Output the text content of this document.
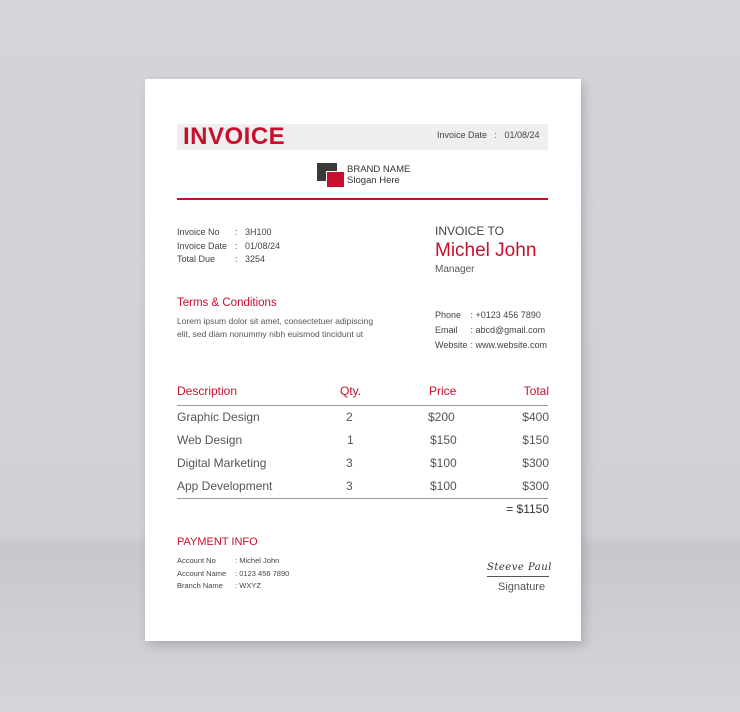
INVOICE	Invoice Date   :   01/08/24
BRAND NAME
Slogan Here
Invoice No : 3H100
Invoice Date : 01/08/24
Total Due : 3254
INVOICE TO
Michel John
Manager
Terms & Conditions
Lorem ipsum dolor sit amet, consectetuer adipiscing elit, sed diam nonummy nibh euismod tincidunt ut
Phone : +0123 456 7890
Email : abcd@gmail.com
Website : www.website.com
Description	Qty.	Price	Total
Graphic Design	2	$200	$400
Web Design	1	$150	$150
Digital Marketing	3	$100	$300
App Development	3	$100	$300
= $1150
PAYMENT INFO
Account No	: Michel John
Account Name : 0123 456 7890
Branch Name : WXYZ
Steeve Paul
Signature
